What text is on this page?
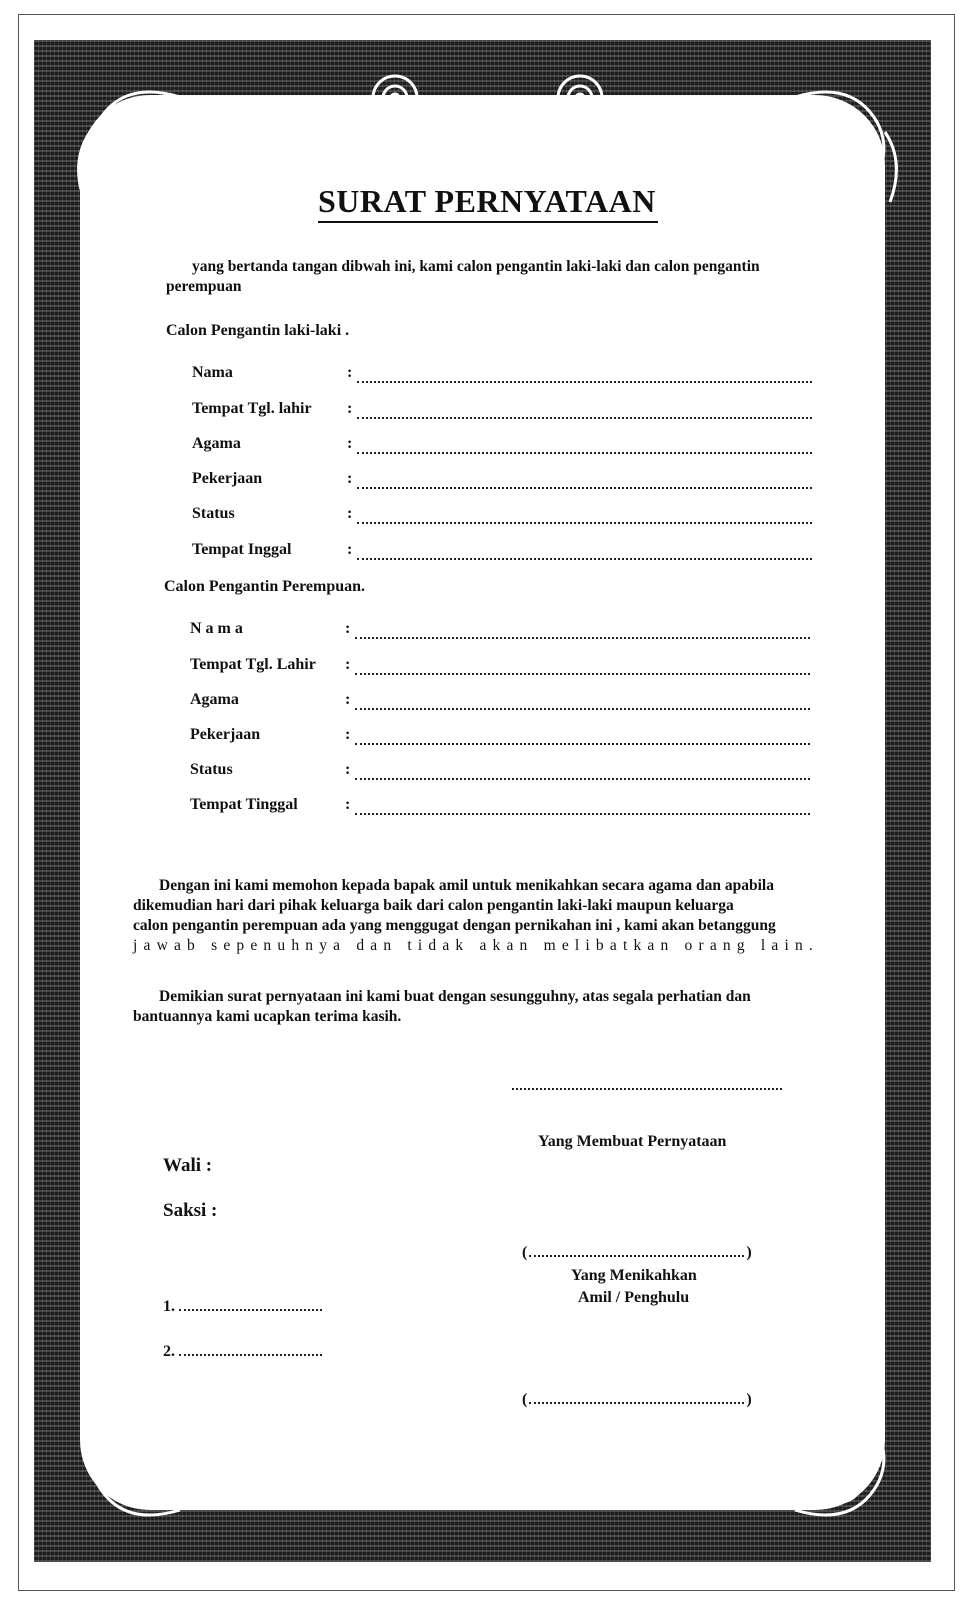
SURAT PERNYATAAN
yang bertanda tangan dibwah ini, kami calon pengantin laki-laki dan calon pengantin
perempuan
Calon Pengantin laki-laki .
Nama	:
Tempat Tgl. lahir :
Agama	:
Pekerjaan	:
Status	:
Tempat Inggal	:
Calon Pengantin Perempuan.
N a m a	:
Tempat Tgl. Lahir :
Agama	:
Pekerjaan	:
Status	:
Tempat Tinggal	:
Dengan ini kami memohon kepada bapak amil untuk menikahkan secara agama dan apabila
dikemudian hari dari pihak keluarga baik dari calon pengantin laki-laki maupun keluarga
calon pengantin perempuan ada yang menggugat dengan pernikahan ini , kami akan betanggung
jawab sepenuhnya dan tidak akan melibatkan orang lain.
Demikian surat pernyataan ini kami buat dengan sesungguhny, atas segala perhatian dan
bantuannya kami ucapkan terima kasih.
Yang Membuat Pernyataan
Wali :
Saksi :
(	)
Yang Menikahkan
Amil / Penghulu
1.
2.
(	)
